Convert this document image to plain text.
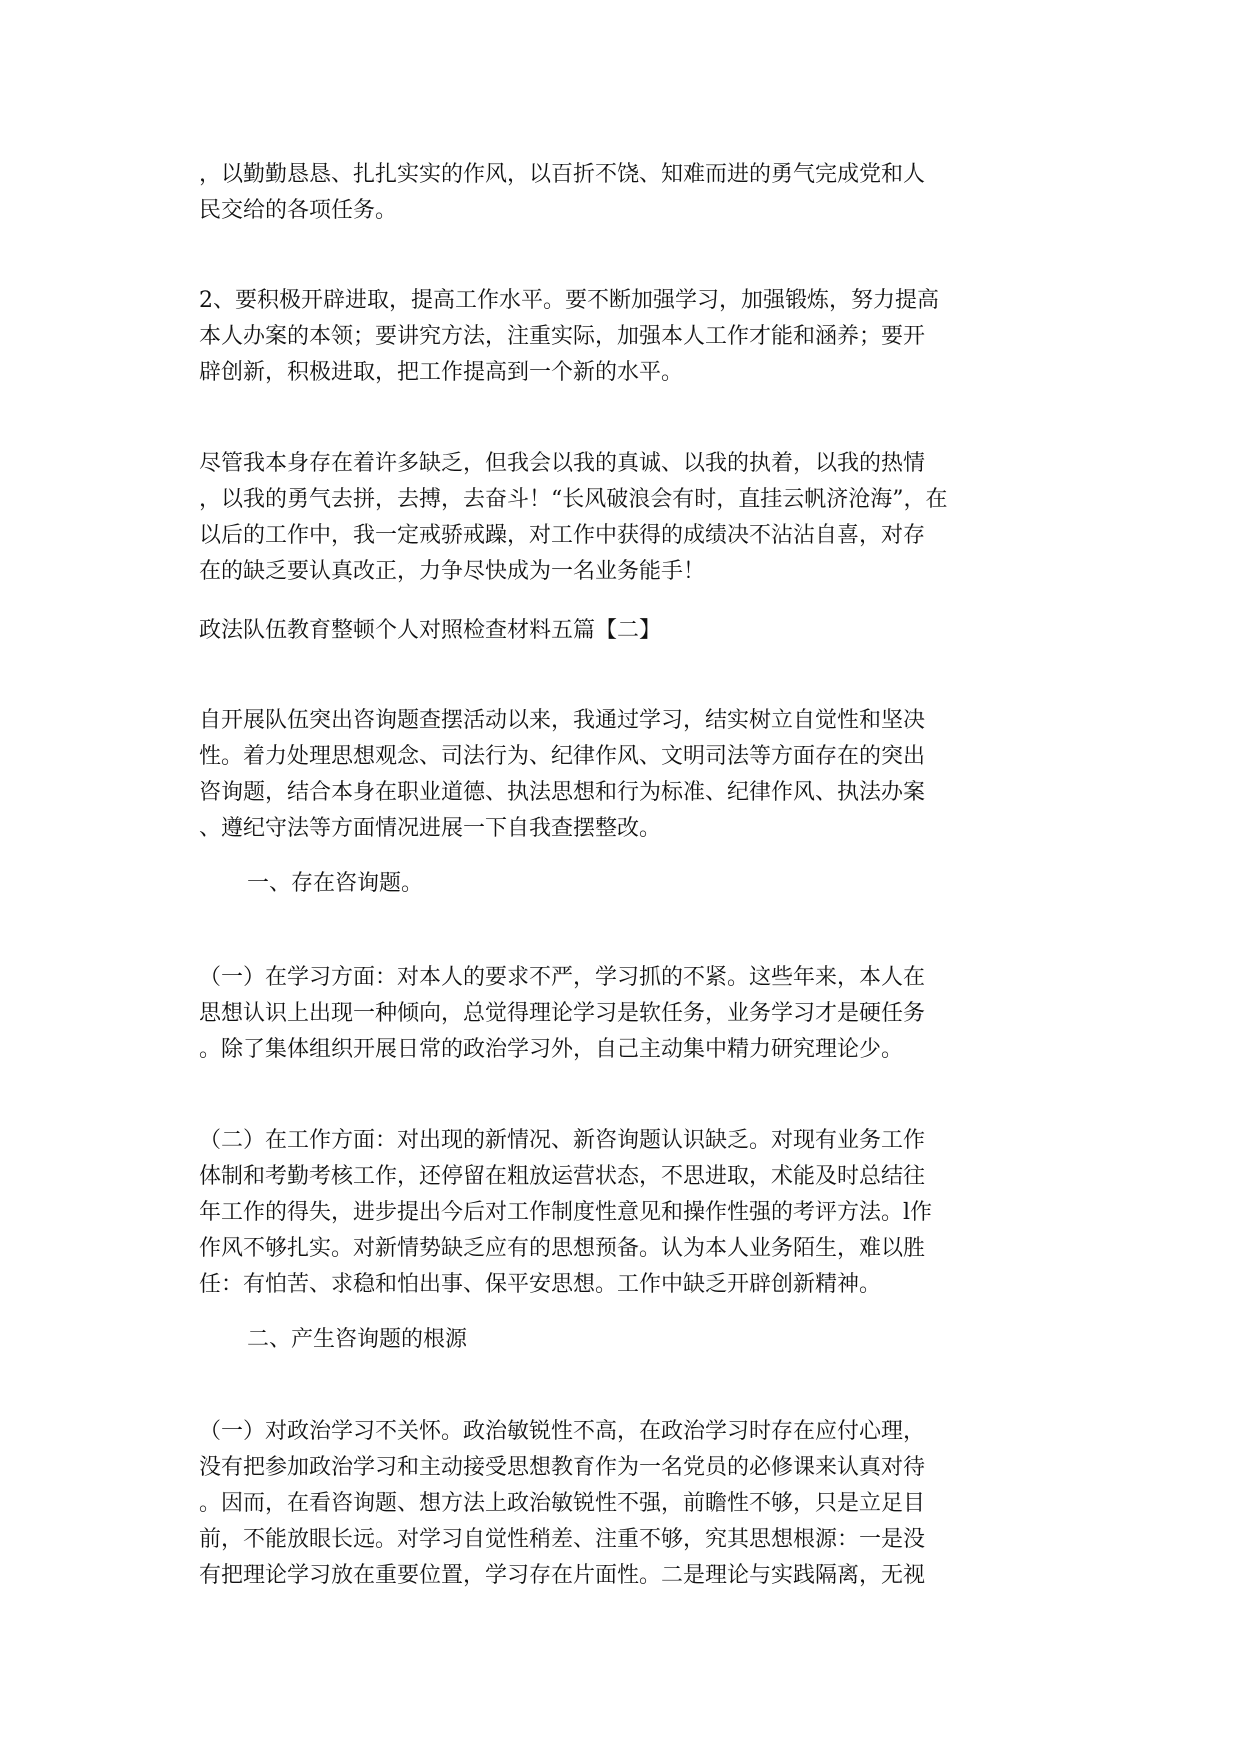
，以勤勤恳恳、扎扎实实的作风，以百折不饶、知难而进的勇气完成党和人
民交给的各项任务。
2、要积极开辟进取，提高工作水平。要不断加强学习，加强锻炼，努力提高
本人办案的本领；要讲究方法，注重实际，加强本人工作才能和涵养；要开
辟创新，积极进取，把工作提高到一个新的水平。
尽管我本身存在着许多缺乏，但我会以我的真诚、以我的执着，以我的热情
，以我的勇气去拼，去搏，去奋斗！“长风破浪会有时，直挂云帆济沧海”，在
以后的工作中，我一定戒骄戒躁，对工作中获得的成绩决不沾沾自喜，对存
在的缺乏要认真改正，力争尽快成为一名业务能手！
政法队伍教育整顿个人对照检查材料五篇【二】
自开展队伍突出咨询题查摆活动以来，我通过学习，结实树立自觉性和坚决
性。着力处理思想观念、司法行为、纪律作风、文明司法等方面存在的突出
咨询题，结合本身在职业道德、执法思想和行为标准、纪律作风、执法办案
、遵纪守法等方面情况进展一下自我查摆整改。
一、存在咨询题。
（一）在学习方面：对本人的要求不严，学习抓的不紧。这些年来，本人在
思想认识上出现一种倾向，总觉得理论学习是软任务，业务学习才是硬任务
。除了集体组织开展日常的政治学习外，自己主动集中精力研究理论少。
（二）在工作方面：对出现的新情况、新咨询题认识缺乏。对现有业务工作
体制和考勤考核工作，还停留在粗放运营状态，不思进取，术能及时总结往
年工作的得失，进步提出今后对工作制度性意见和操作性强的考评方法。l作
作风不够扎实。对新情势缺乏应有的思想预备。认为本人业务陌生，难以胜
任：有怕苦、求稳和怕出事、保平安思想。工作中缺乏开辟创新精神。
二、产生咨询题的根源
（一）对政治学习不关怀。政治敏锐性不高，在政治学习时存在应付心理，
没有把参加政治学习和主动接受思想教育作为一名党员的必修课来认真对待
。因而，在看咨询题、想方法上政治敏锐性不强，前瞻性不够，只是立足目
前，不能放眼长远。对学习自觉性稍差、注重不够，究其思想根源：一是没
有把理论学习放在重要位置，学习存在片面性。二是理论与实践隔离，无视
